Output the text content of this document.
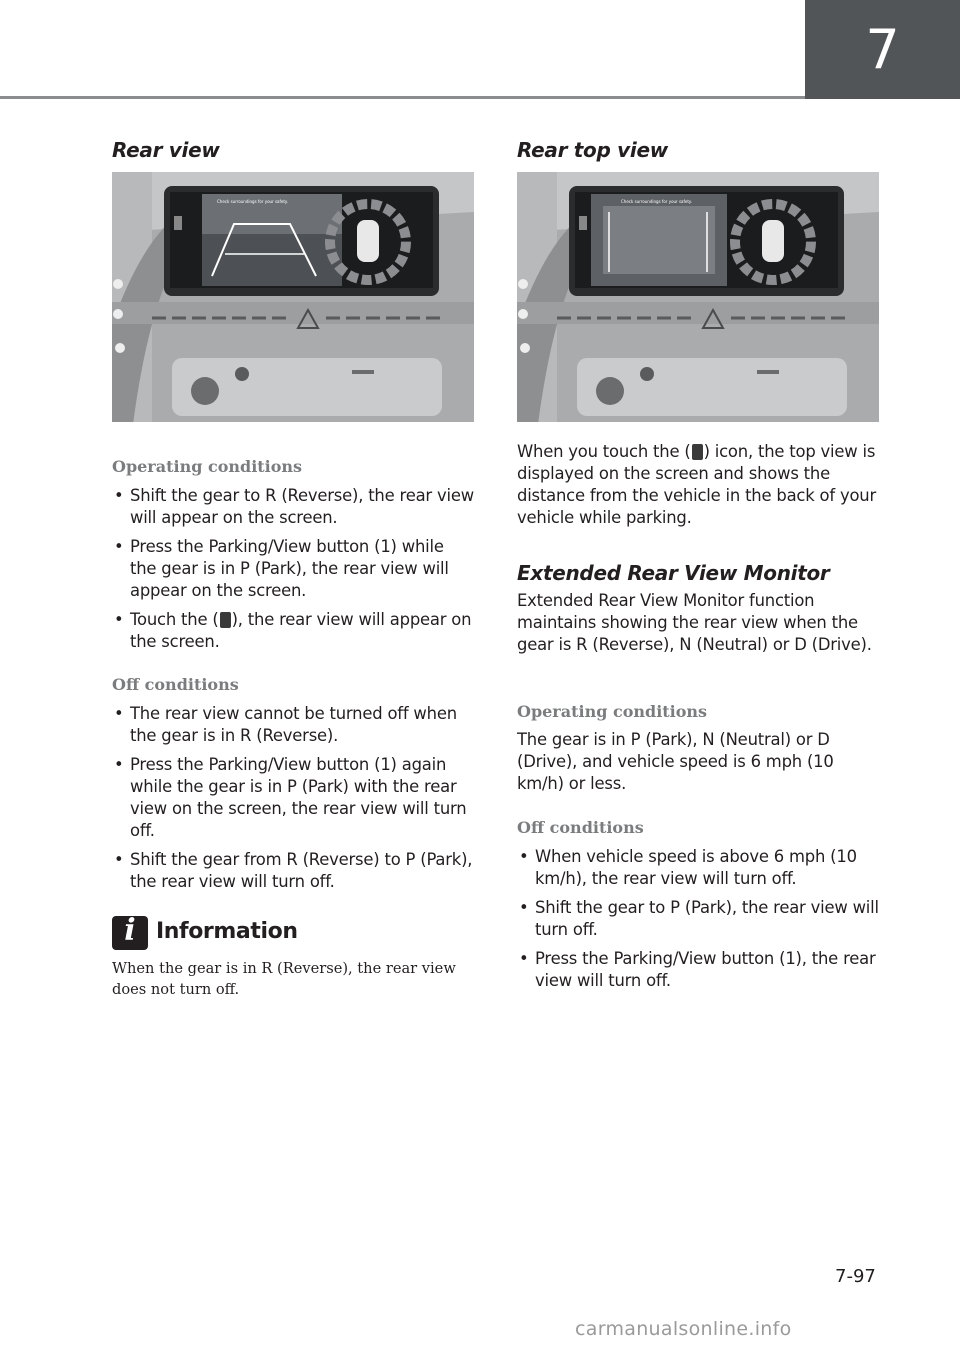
7
Rear view
Check surroundings for your safety.
Operating conditions
• Shift the gear to R (Reverse), the rear view will appear on the screen.
• Press the Parking/View button (1) while the gear is in P (Park), the rear view will appear on the screen.
• Touch the ( ), the rear view will appear on the screen.
Off conditions
• The rear view cannot be turned off when the gear is in R (Reverse).
• Press the Parking/View button (1) again while the gear is in P (Park) with the rear view on the screen, the rear view will turn off.
• Shift the gear from R (Reverse) to P (Park), the rear view will turn off.
i Information

When the gear is in R (Reverse), the rear view does not turn off.

Rear top view
Check surroundings for your safety.

When you touch the ( ) icon, the top view is displayed on the screen and shows the distance from the vehicle in the back of your vehicle while parking.

Extended Rear View Monitor

Extended Rear View Monitor function maintains showing the rear view when the gear is R (Reverse), N (Neutral) or D (Drive).

Operating conditions

The gear is in P (Park), N (Neutral) or D (Drive), and vehicle speed is 6 mph (10 km/h) or less.

Off conditions
• When vehicle speed is above 6 mph (10 km/h), the rear view will turn off.
• Shift the gear to P (Park), the rear view will turn off.
• Press the Parking/View button (1), the rear view will turn off.
7-97
carmanualsonline.info
